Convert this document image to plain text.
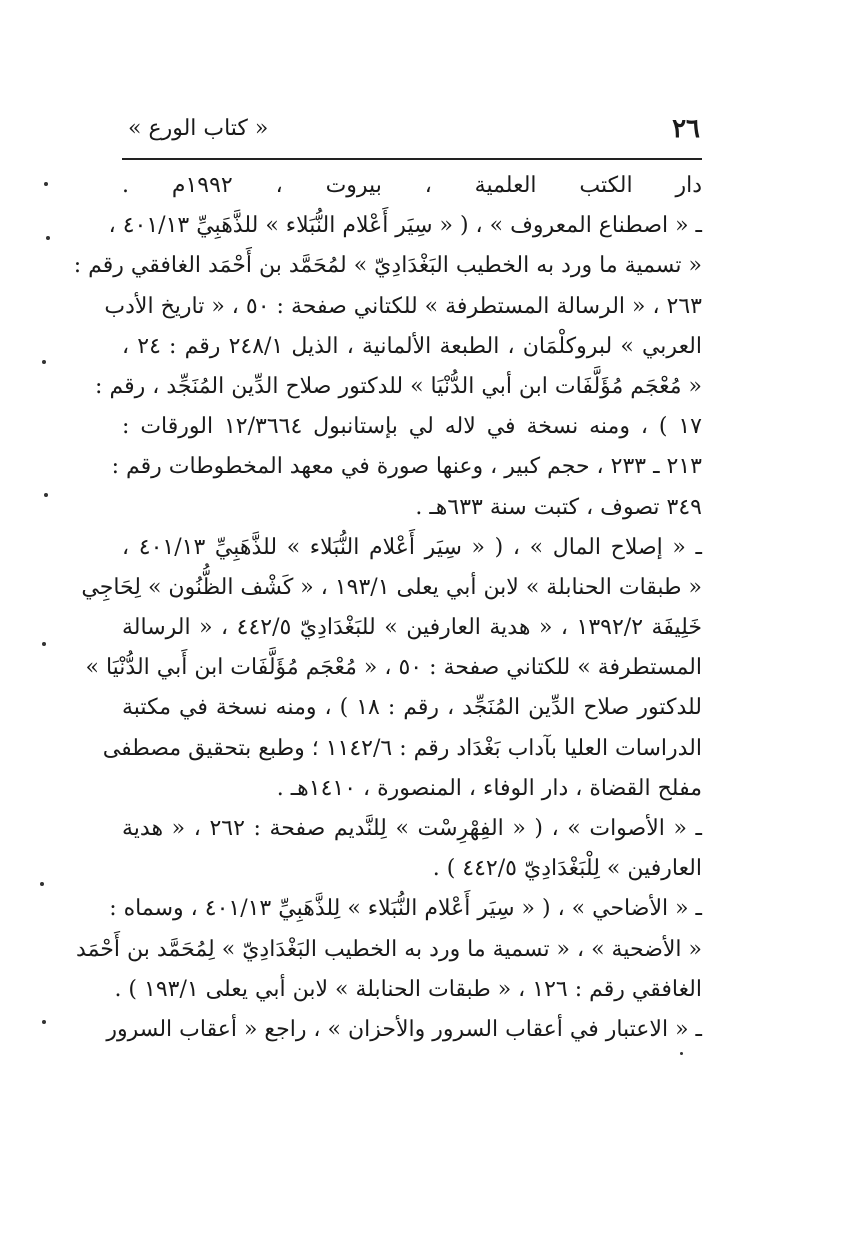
٢٦
« كتاب الورع »
دار الكتب العلمية ، بيروت ، ١٩٩٢م .
ـ « اصطناع المعروف » ، ( « سِيَر أَعْلام النُّبَلاء » للذَّهَبِيِّ ٤٠١/١٣ ،
« تسمية ما ورد به الخطيب البَغْدَادِيّ » لمُحَمَّد بن أَحْمَد الغافقي رقم :
٢٦٣ ، « الرسالة المستطرفة » للكتاني صفحة : ٥٠ ، « تاريخ الأدب
العربي » لبروكلْمَان ، الطبعة الألمانية ، الذيل ٢٤٨/١ رقم : ٢٤ ،
« مُعْجَم مُؤَلَّفَات ابن أبي الدُّنْيَا » للدكتور صلاح الدِّين المُنَجِّد ، رقم :
١٧ ) ، ومنه نسخة في لاله لي بإستانبول ١٢/٣٦٦٤ الورقات :
٢١٣ ـ ٢٣٣ ، حجم كبير ، وعنها صورة في معهد المخطوطات رقم :
٣٤٩ تصوف ، كتبت سنة ٦٣٣هـ .
ـ « إصلاح المال » ، ( « سِيَر أَعْلام النُّبَلاء » للذَّهَبِيِّ ٤٠١/١٣ ،
« طبقات الحنابلة » لابن أبي يعلى ١٩٣/١ ، « كَشْف الظُّنُون » لِحَاجِي
خَلِيفَة ١٣٩٢/٢ ، « هدية العارفين » للبَغْدَادِيّ ٤٤٢/٥ ، « الرسالة
المستطرفة » للكتاني صفحة : ٥٠ ، « مُعْجَم مُؤَلَّفَات ابن أَبي الدُّنْيَا »
للدكتور صلاح الدِّين المُنَجِّد ، رقم : ١٨ ) ، ومنه نسخة في مكتبة
الدراسات العليا بآداب بَغْدَاد رقم : ١١٤٢/٦ ؛ وطبع بتحقيق مصطفى
مفلح القضاة ، دار الوفاء ، المنصورة ، ١٤١٠هـ .
ـ « الأصوات » ، ( « الفِهْرِسْت » لِلنَّديم صفحة : ٢٦٢ ، « هدية
العارفين » لِلْبَغْدَادِيّ ٤٤٢/٥ ) .
ـ « الأضاحي » ، ( « سِيَر أَعْلام النُّبَلاء » لِلذَّهَبِيِّ ٤٠١/١٣ ، وسماه :
« الأضحية » ، « تسمية ما ورد به الخطيب البَغْدَادِيّ » لِمُحَمَّد بن أَحْمَد
الغافقي رقم : ١٢٦ ، « طبقات الحنابلة » لابن أبي يعلى ١٩٣/١ ) .
ـ « الاعتبار في أعقاب السرور والأحزان » ، راجع « أعقاب السرور
